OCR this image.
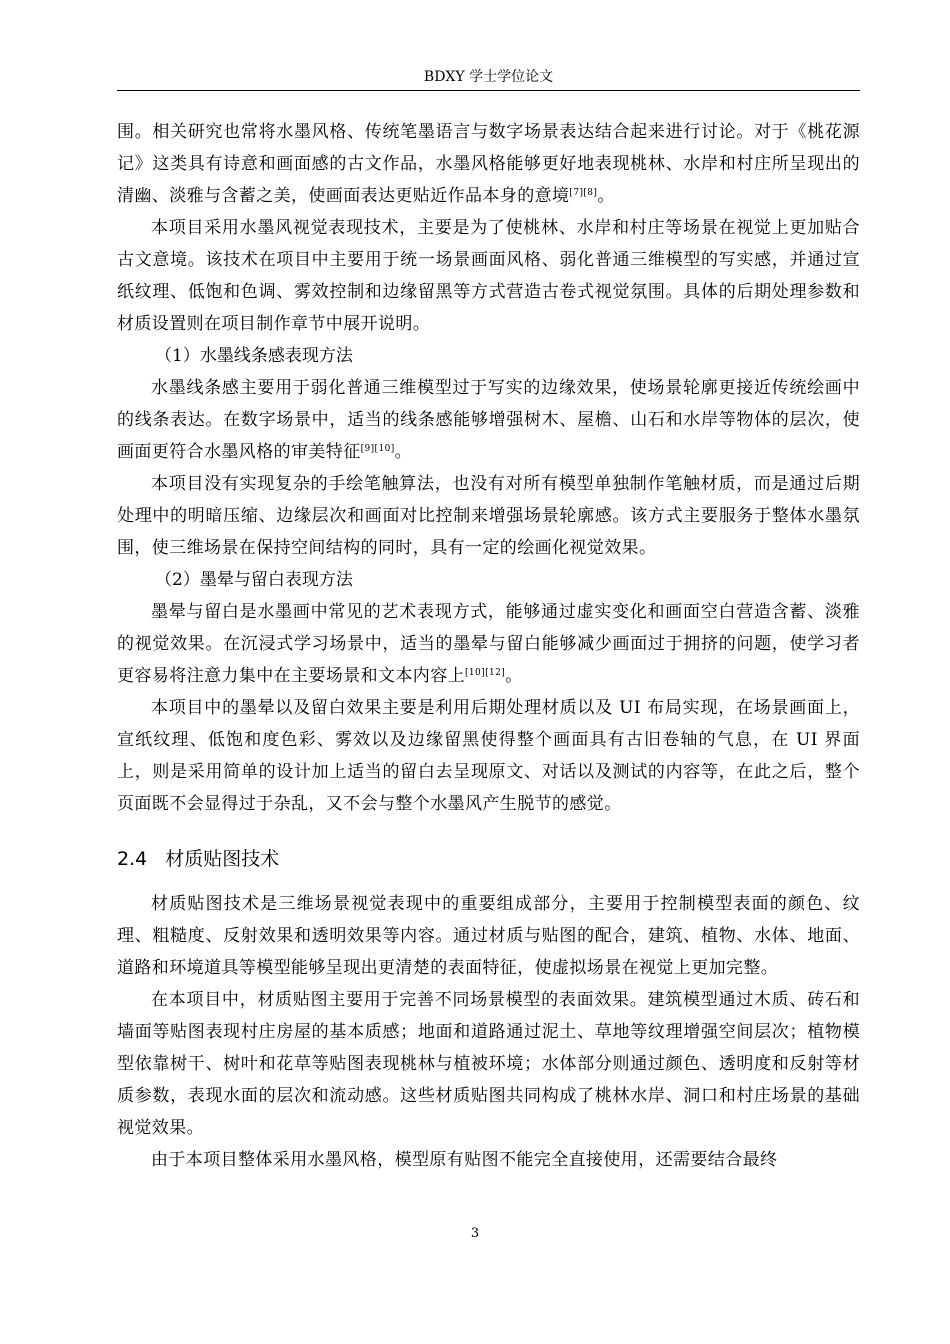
BDXY 学士学位论文

围。相关研究也常将水墨风格、传统笔墨语言与数字场景表达结合起来进行讨论。对于《桃花源记》这类具有诗意和画面感的古文作品，水墨风格能够更好地表现桃林、水岸和村庄所呈现出的清幽、淡雅与含蓄之美，使画面表达更贴近作品本身的意境[7][8]。

本项目采用水墨风视觉表现技术，主要是为了使桃林、水岸和村庄等场景在视觉上更加贴合古文意境。该技术在项目中主要用于统一场景画面风格、弱化普通三维模型的写实感，并通过宣纸纹理、低饱和色调、雾效控制和边缘留黑等方式营造古卷式视觉氛围。具体的后期处理参数和材质设置则在项目制作章节中展开说明。

（1）水墨线条感表现方法

水墨线条感主要用于弱化普通三维模型过于写实的边缘效果，使场景轮廓更接近传统绘画中的线条表达。在数字场景中，适当的线条感能够增强树木、屋檐、山石和水岸等物体的层次，使画面更符合水墨风格的审美特征[9][10]。

本项目没有实现复杂的手绘笔触算法，也没有对所有模型单独制作笔触材质，而是通过后期处理中的明暗压缩、边缘层次和画面对比控制来增强场景轮廓感。该方式主要服务于整体水墨氛围，使三维场景在保持空间结构的同时，具有一定的绘画化视觉效果。

（2）墨晕与留白表现方法

墨晕与留白是水墨画中常见的艺术表现方式，能够通过虚实变化和画面空白营造含蓄、淡雅的视觉效果。在沉浸式学习场景中，适当的墨晕与留白能够减少画面过于拥挤的问题，使学习者更容易将注意力集中在主要场景和文本内容上[10][12]。

本项目中的墨晕以及留白效果主要是利用后期处理材质以及 UI 布局实现，在场景画面上，宣纸纹理、低饱和度色彩、雾效以及边缘留黑使得整个画面具有古旧卷轴的气息，在 UI 界面上，则是采用简单的设计加上适当的留白去呈现原文、对话以及测试的内容等，在此之后，整个页面既不会显得过于杂乱，又不会与整个水墨风产生脱节的感觉。

2.4 材质贴图技术

材质贴图技术是三维场景视觉表现中的重要组成部分，主要用于控制模型表面的颜色、纹理、粗糙度、反射效果和透明效果等内容。通过材质与贴图的配合，建筑、植物、水体、地面、道路和环境道具等模型能够呈现出更清楚的表面特征，使虚拟场景在视觉上更加完整。

在本项目中，材质贴图主要用于完善不同场景模型的表面效果。建筑模型通过木质、砖石和墙面等贴图表现村庄房屋的基本质感；地面和道路通过泥土、草地等纹理增强空间层次；植物模型依靠树干、树叶和花草等贴图表现桃林与植被环境；水体部分则通过颜色、透明度和反射等材质参数，表现水面的层次和流动感。这些材质贴图共同构成了桃林水岸、洞口和村庄场景的基础视觉效果。

由于本项目整体采用水墨风格，模型原有贴图不能完全直接使用，还需要结合最终

3
